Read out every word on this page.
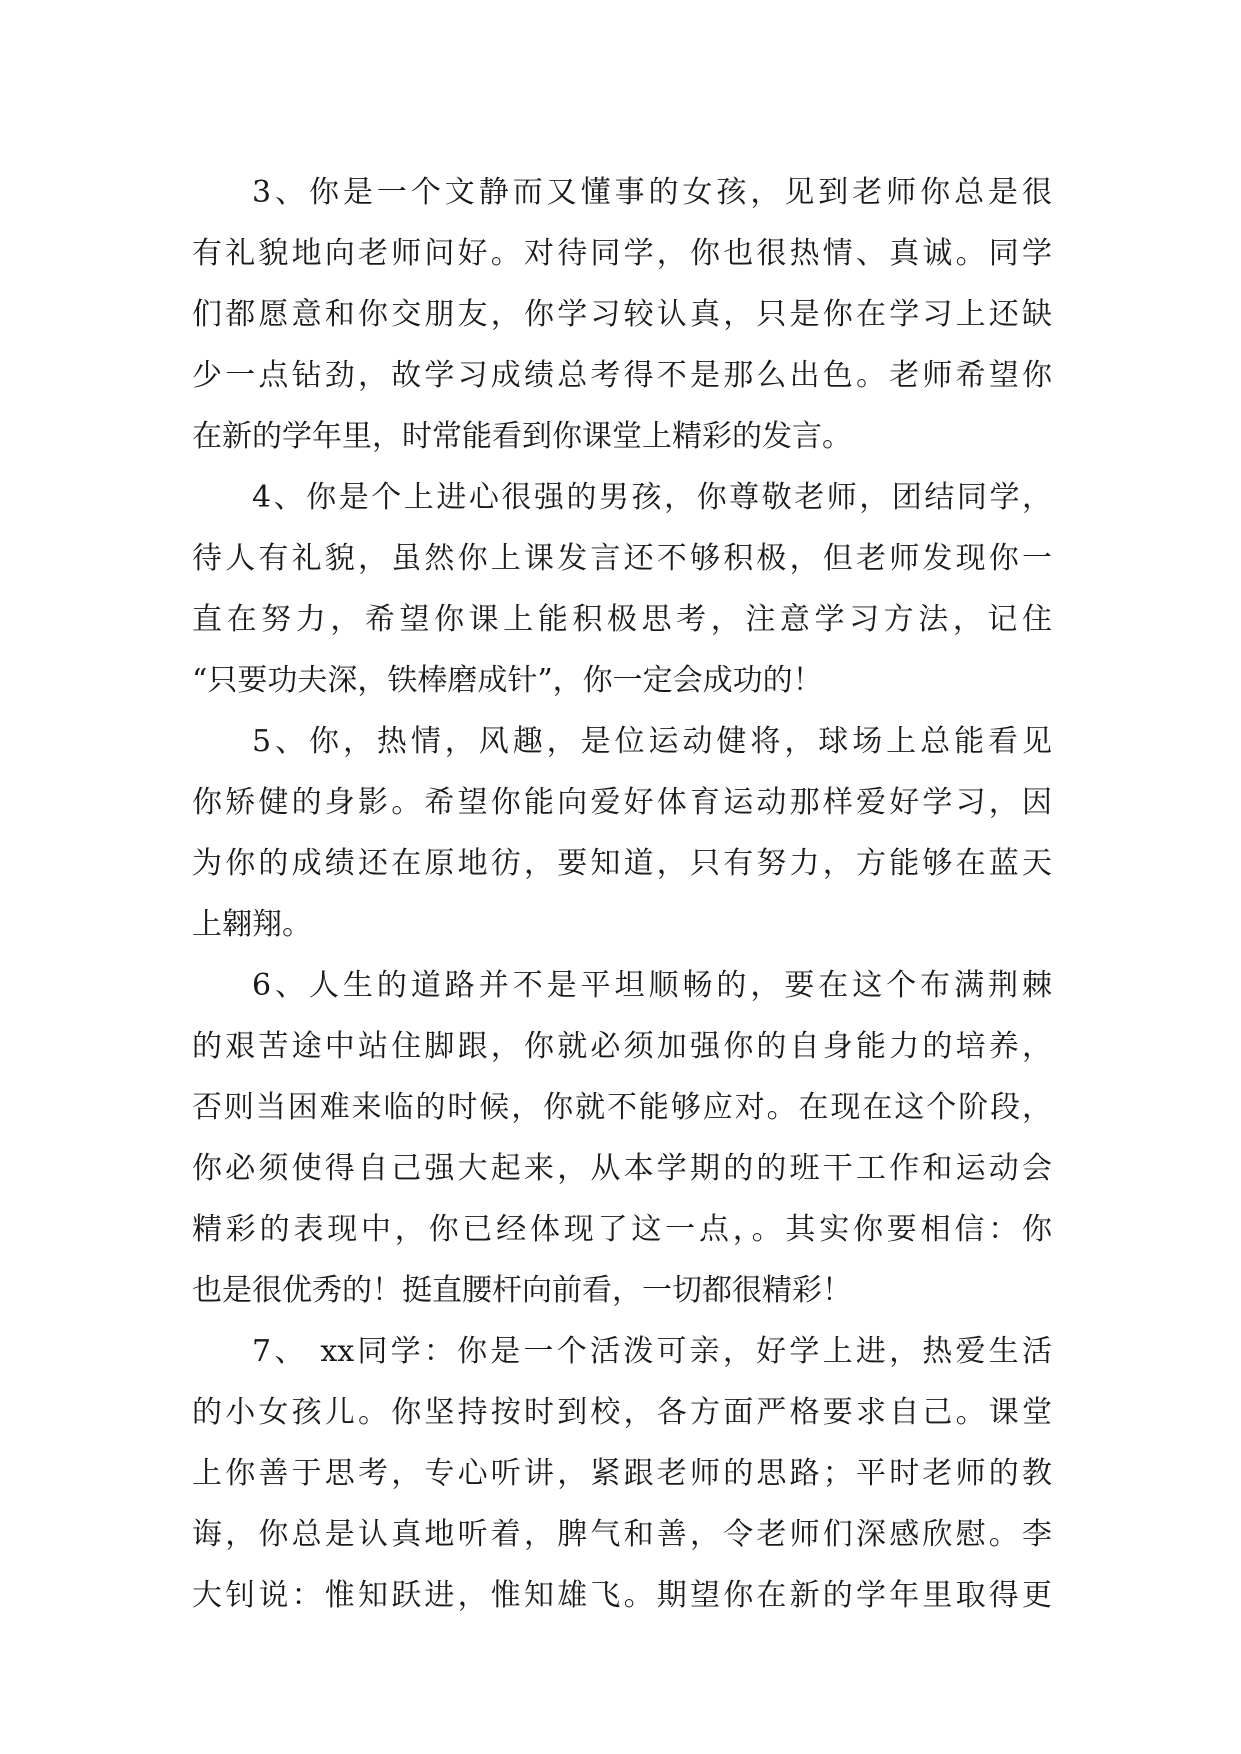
3、你是一个文静而又懂事的女孩，见到老师你总是很
有礼貌地向老师问好。对待同学，你也很热情、真诚。同学
们都愿意和你交朋友，你学习较认真，只是你在学习上还缺
少一点钻劲，故学习成绩总考得不是那么出色。老师希望你
在新的学年里，时常能看到你课堂上精彩的发言。
4、你是个上进心很强的男孩，你尊敬老师，团结同学，
待人有礼貌，虽然你上课发言还不够积极，但老师发现你一
直在努力，希望你课上能积极思考，注意学习方法，记住
“只要功夫深，铁棒磨成针”，你一定会成功的！
5、你，热情，风趣，是位运动健将，球场上总能看见
你矫健的身影。希望你能向爱好体育运动那样爱好学习，因
为你的成绩还在原地彷，要知道，只有努力，方能够在蓝天
上翱翔。
6、人生的道路并不是平坦顺畅的，要在这个布满荆棘
的艰苦途中站住脚跟，你就必须加强你的自身能力的培养，
否则当困难来临的时候，你就不能够应对。在现在这个阶段，
你必须使得自己强大起来，从本学期的的班干工作和运动会
精彩的表现中，你已经体现了这一点，。其实你要相信：你
也是很优秀的！挺直腰杆向前看，一切都很精彩！
7、 xx同学：你是一个活泼可亲，好学上进，热爱生活
的小女孩儿。你坚持按时到校，各方面严格要求自己。课堂
上你善于思考，专心听讲，紧跟老师的思路；平时老师的教
诲，你总是认真地听着，脾气和善，令老师们深感欣慰。李
大钊说：惟知跃进，惟知雄飞。期望你在新的学年里取得更
